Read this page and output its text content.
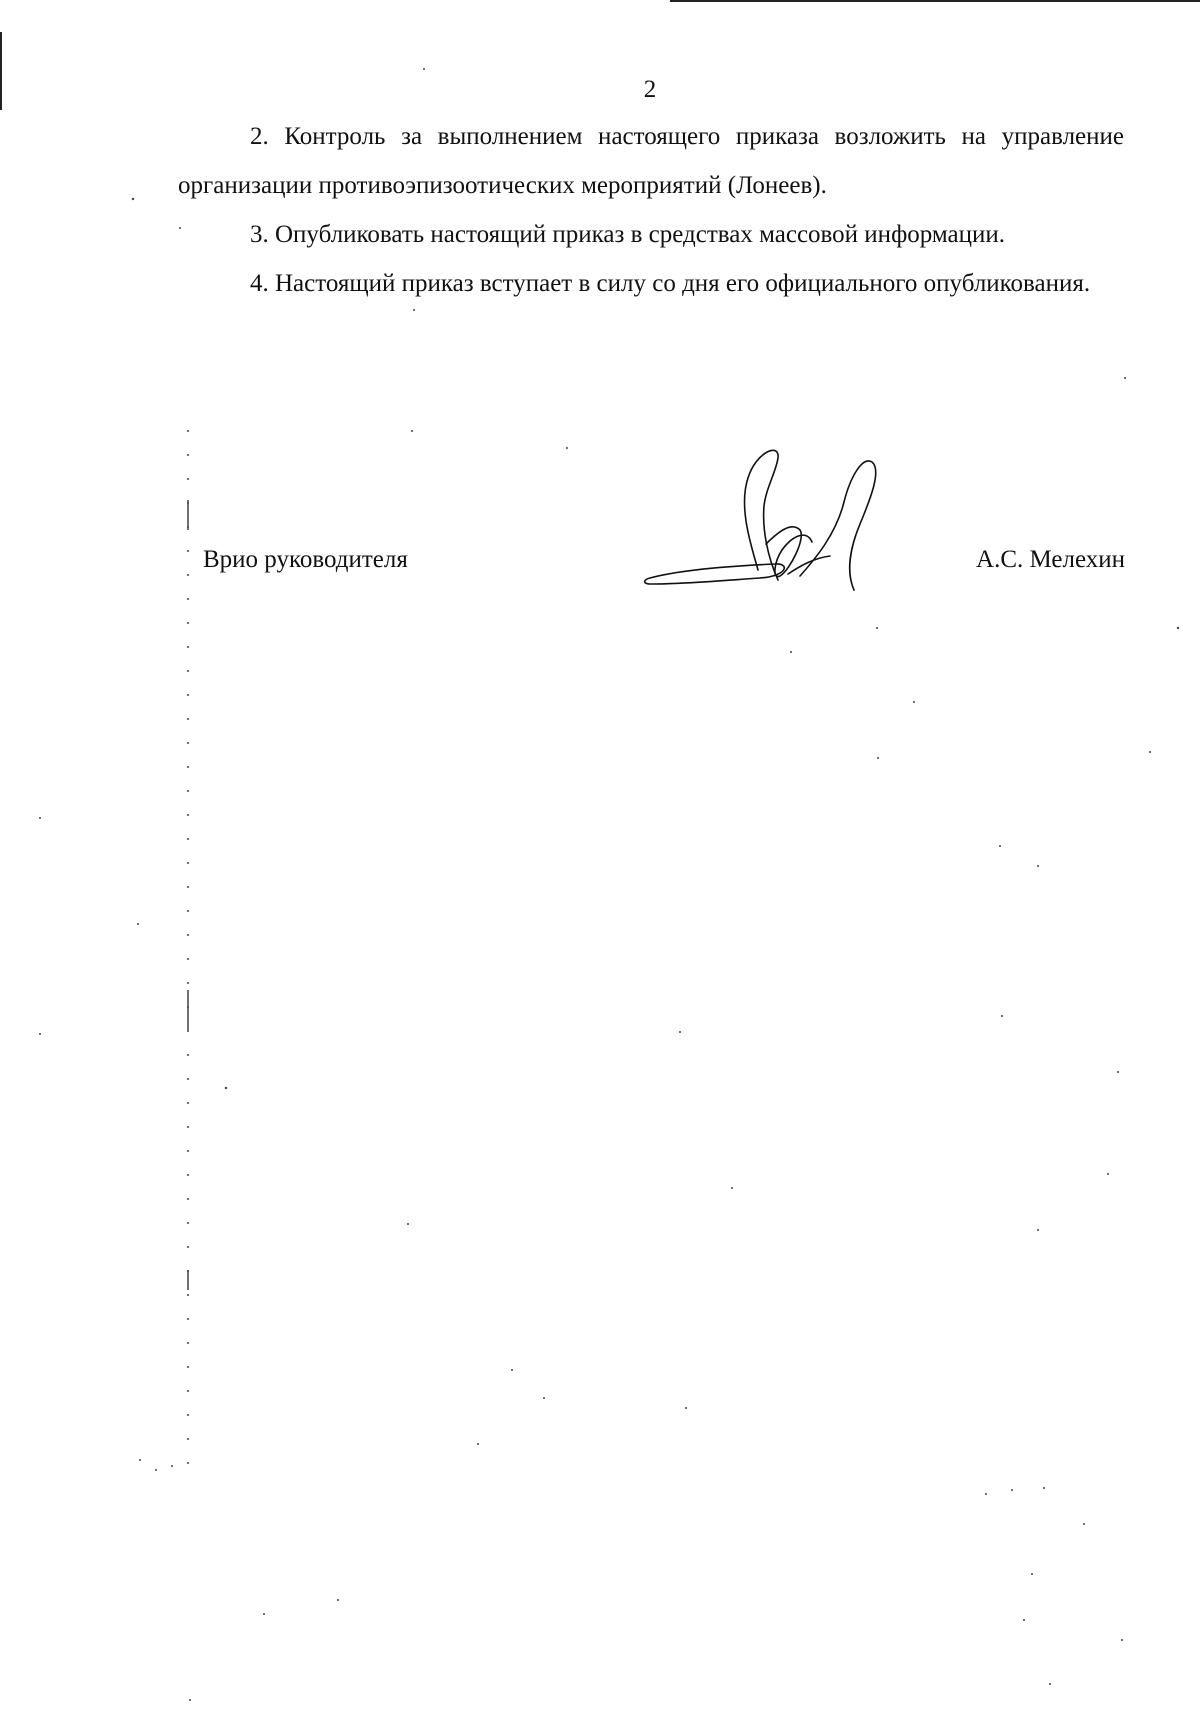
2

2. Контроль за выполнением настоящего приказа возложить на управление организации противоэпизоотических мероприятий (Лонеев).

3. Опубликовать настоящий приказ в средствах массовой информации.

4. Настоящий приказ вступает в силу со дня его официального опубликования.

Врио руководителя	А.С. Мелехин
